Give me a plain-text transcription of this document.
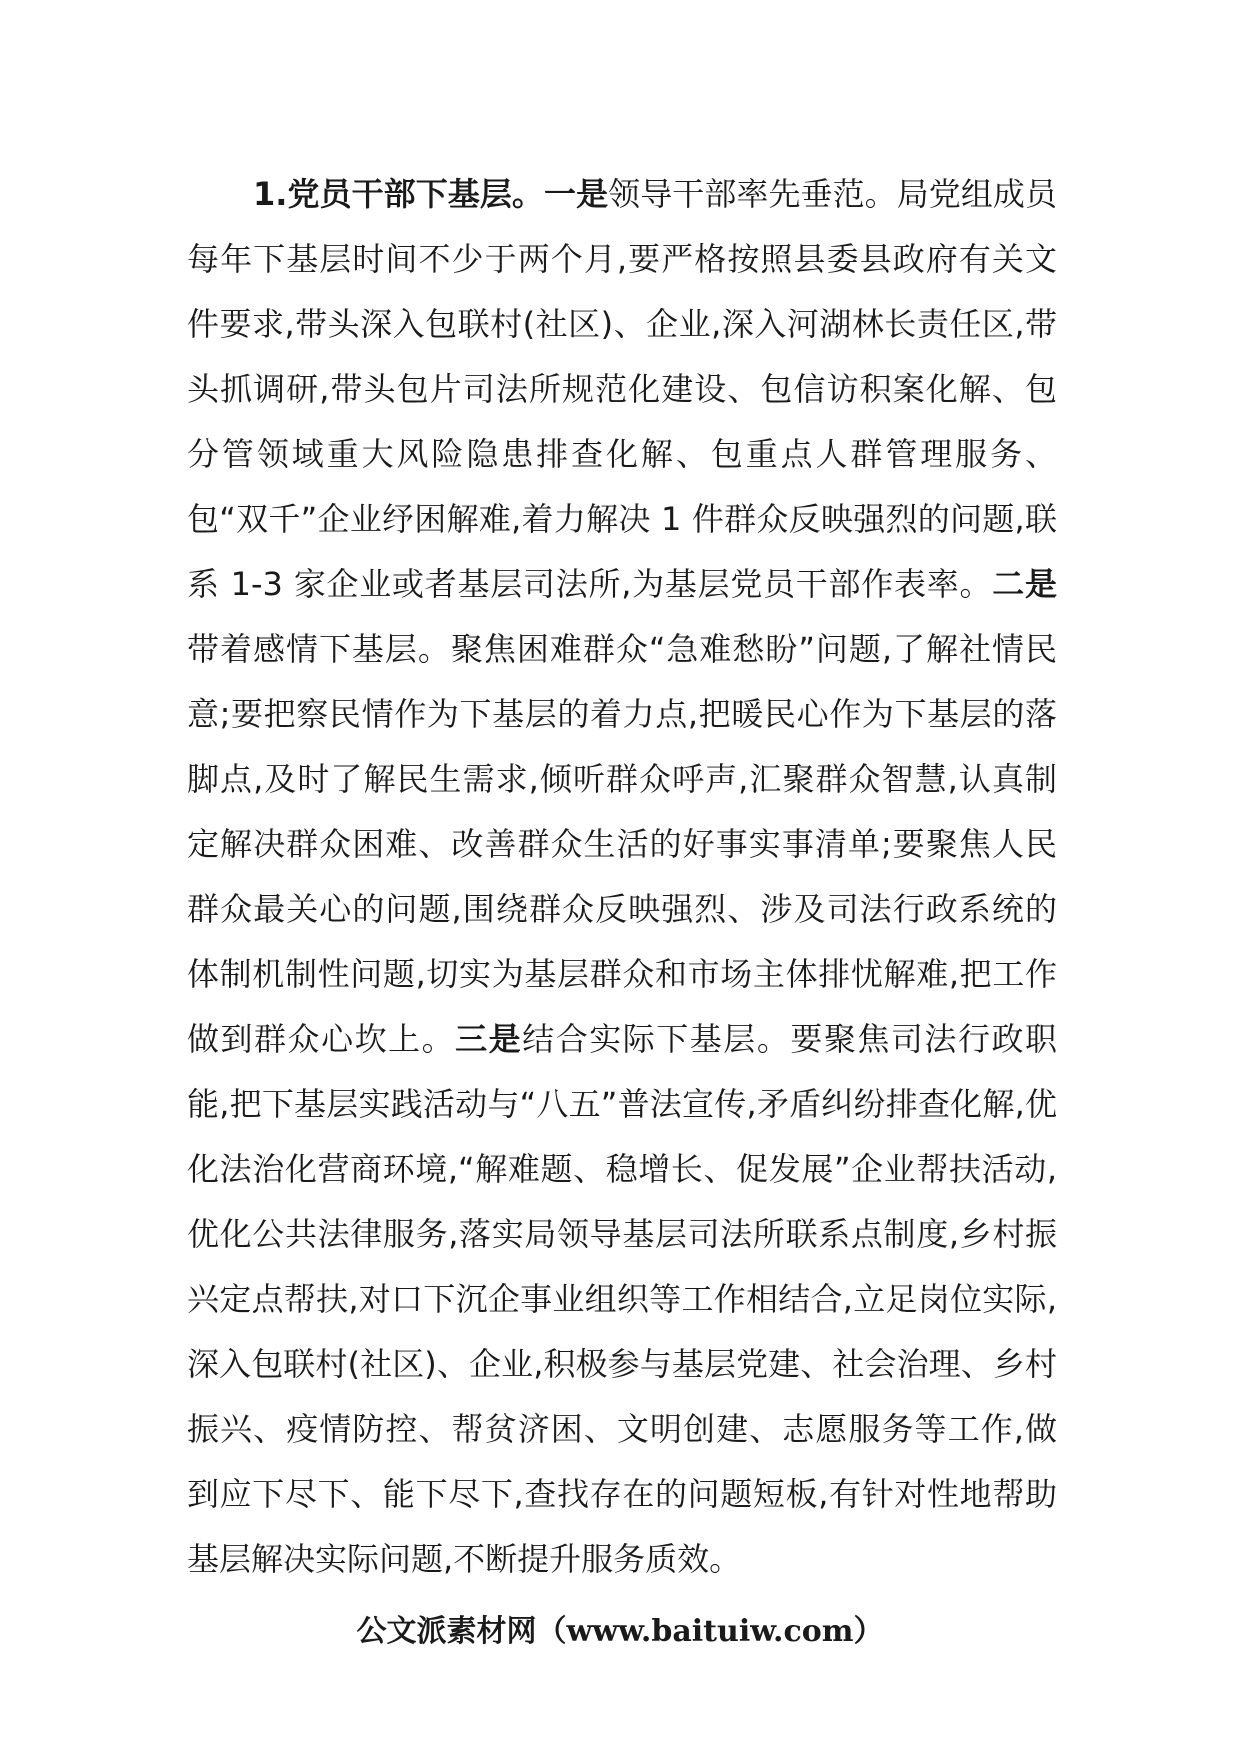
1.党员干部下基层。一是领导干部率先垂范。局党组成员每年下基层时间不少于两个月,要严格按照县委县政府有关文件要求,带头深入包联村(社区)、企业,深入河湖林长责任区,带头抓调研,带头包片司法所规范化建设、包信访积案化解、包分管领域重大风险隐患排查化解、包重点人群管理服务、包“双千”企业纾困解难,着力解决 1 件群众反映强烈的问题,联系 1-3 家企业或者基层司法所,为基层党员干部作表率。二是带着感情下基层。聚焦困难群众“急难愁盼”问题,了解社情民意;要把察民情作为下基层的着力点,把暖民心作为下基层的落脚点,及时了解民生需求,倾听群众呼声,汇聚群众智慧,认真制定解决群众困难、改善群众生活的好事实事清单;要聚焦人民群众最关心的问题,围绕群众反映强烈、涉及司法行政系统的体制机制性问题,切实为基层群众和市场主体排忧解难,把工作做到群众心坎上。三是结合实际下基层。要聚焦司法行政职能,把下基层实践活动与“八五”普法宣传,矛盾纠纷排查化解,优化法治化营商环境,“解难题、稳增长、促发展”企业帮扶活动,优化公共法律服务,落实局领导基层司法所联系点制度,乡村振兴定点帮扶,对口下沉企事业组织等工作相结合,立足岗位实际,深入包联村(社区)、企业,积极参与基层党建、社会治理、乡村振兴、疫情防控、帮贫济困、文明创建、志愿服务等工作,做到应下尽下、能下尽下,查找存在的问题短板,有针对性地帮助基层解决实际问题,不断提升服务质效。

公文派素材网（www.baituiw.com）
